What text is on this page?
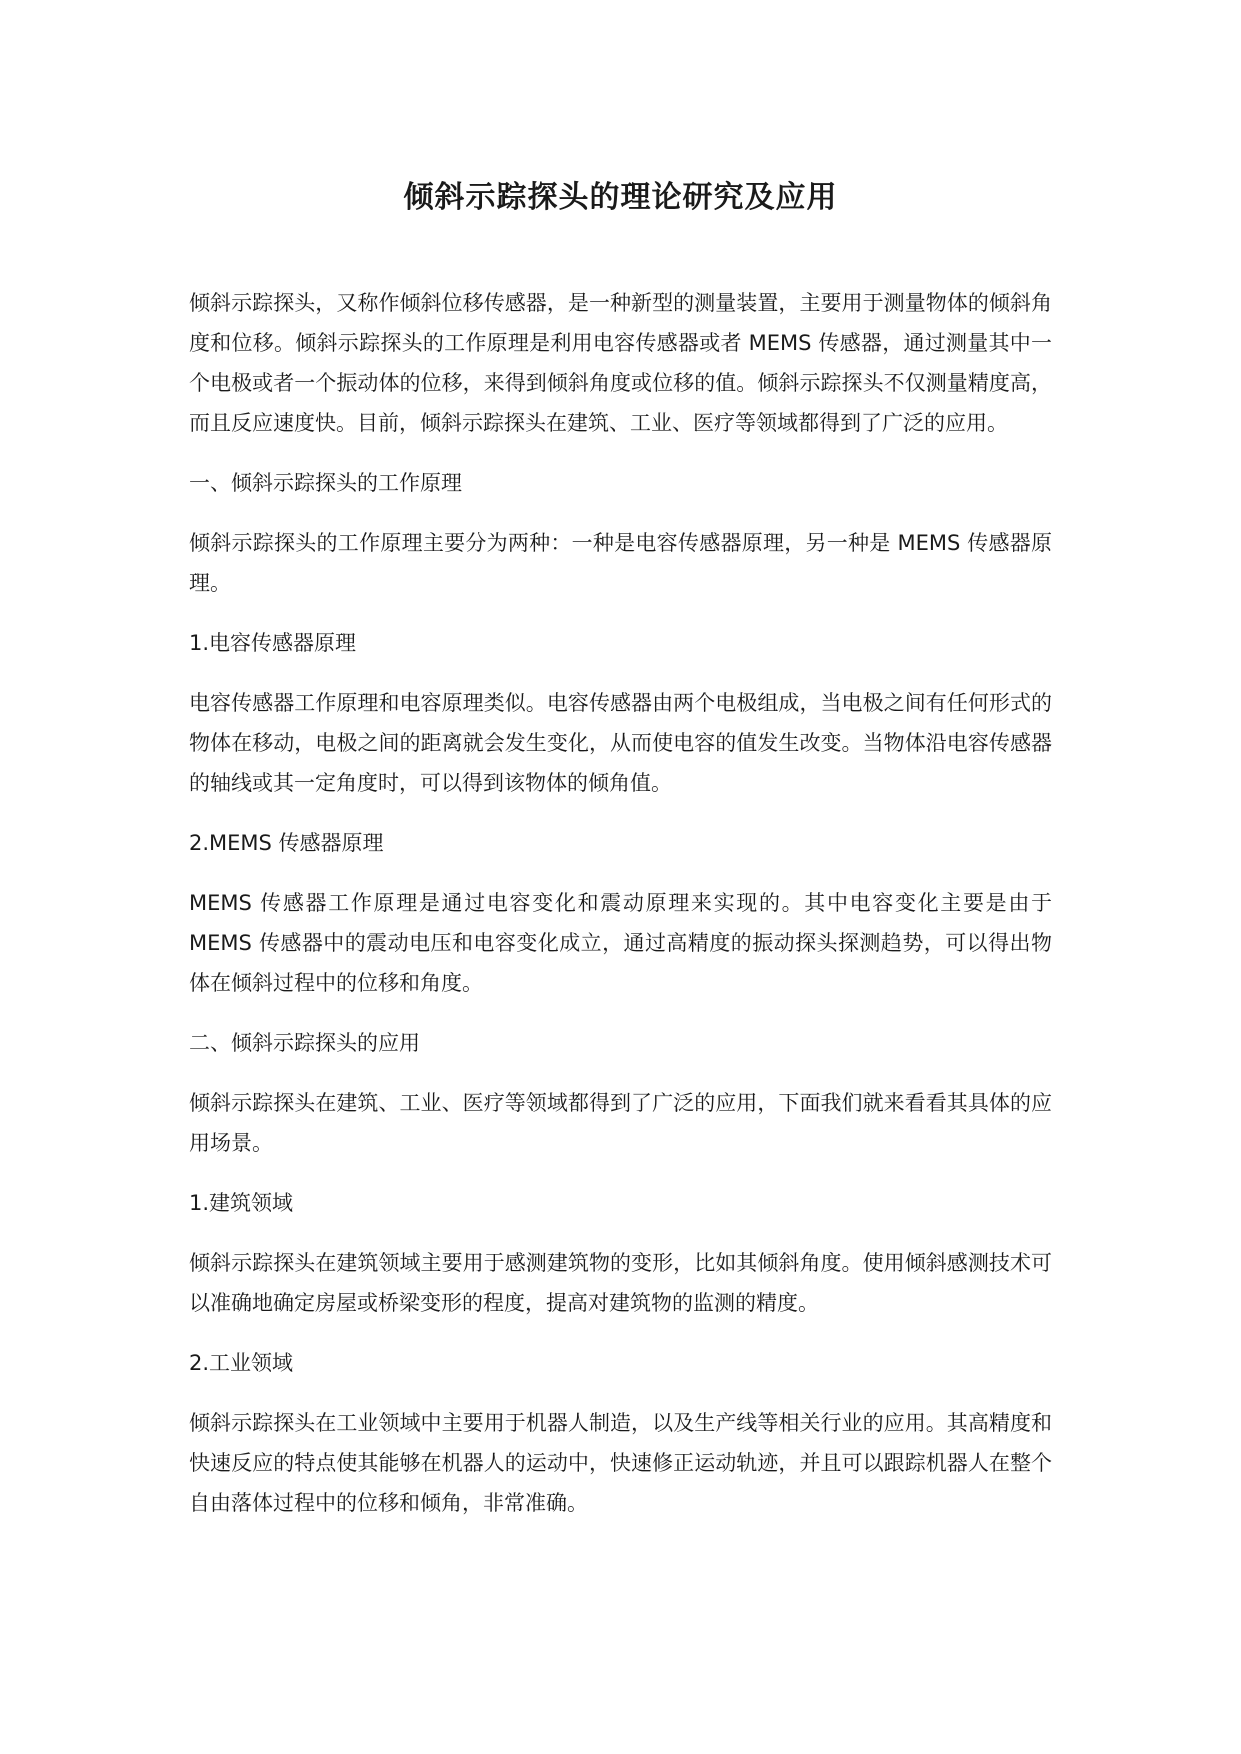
倾斜示踪探头的理论研究及应用

倾斜示踪探头，又称作倾斜位移传感器，是一种新型的测量装置，主要用于测量物体的倾斜角度和位移。倾斜示踪探头的工作原理是利用电容传感器或者 MEMS 传感器，通过测量其中一个电极或者一个振动体的位移，来得到倾斜角度或位移的值。倾斜示踪探头不仅测量精度高，而且反应速度快。目前，倾斜示踪探头在建筑、工业、医疗等领域都得到了广泛的应用。

一、倾斜示踪探头的工作原理

倾斜示踪探头的工作原理主要分为两种：一种是电容传感器原理，另一种是 MEMS 传感器原理。

1.电容传感器原理

电容传感器工作原理和电容原理类似。电容传感器由两个电极组成，当电极之间有任何形式的物体在移动，电极之间的距离就会发生变化，从而使电容的值发生改变。当物体沿电容传感器的轴线或其一定角度时，可以得到该物体的倾角值。

2.MEMS 传感器原理

MEMS 传感器工作原理是通过电容变化和震动原理来实现的。其中电容变化主要是由于 MEMS 传感器中的震动电压和电容变化成立，通过高精度的振动探头探测趋势，可以得出物体在倾斜过程中的位移和角度。

二、倾斜示踪探头的应用

倾斜示踪探头在建筑、工业、医疗等领域都得到了广泛的应用，下面我们就来看看其具体的应用场景。

1.建筑领域

倾斜示踪探头在建筑领域主要用于感测建筑物的变形，比如其倾斜角度。使用倾斜感测技术可以准确地确定房屋或桥梁变形的程度，提高对建筑物的监测的精度。

2.工业领域

倾斜示踪探头在工业领域中主要用于机器人制造，以及生产线等相关行业的应用。其高精度和快速反应的特点使其能够在机器人的运动中，快速修正运动轨迹，并且可以跟踪机器人在整个自由落体过程中的位移和倾角，非常准确。
